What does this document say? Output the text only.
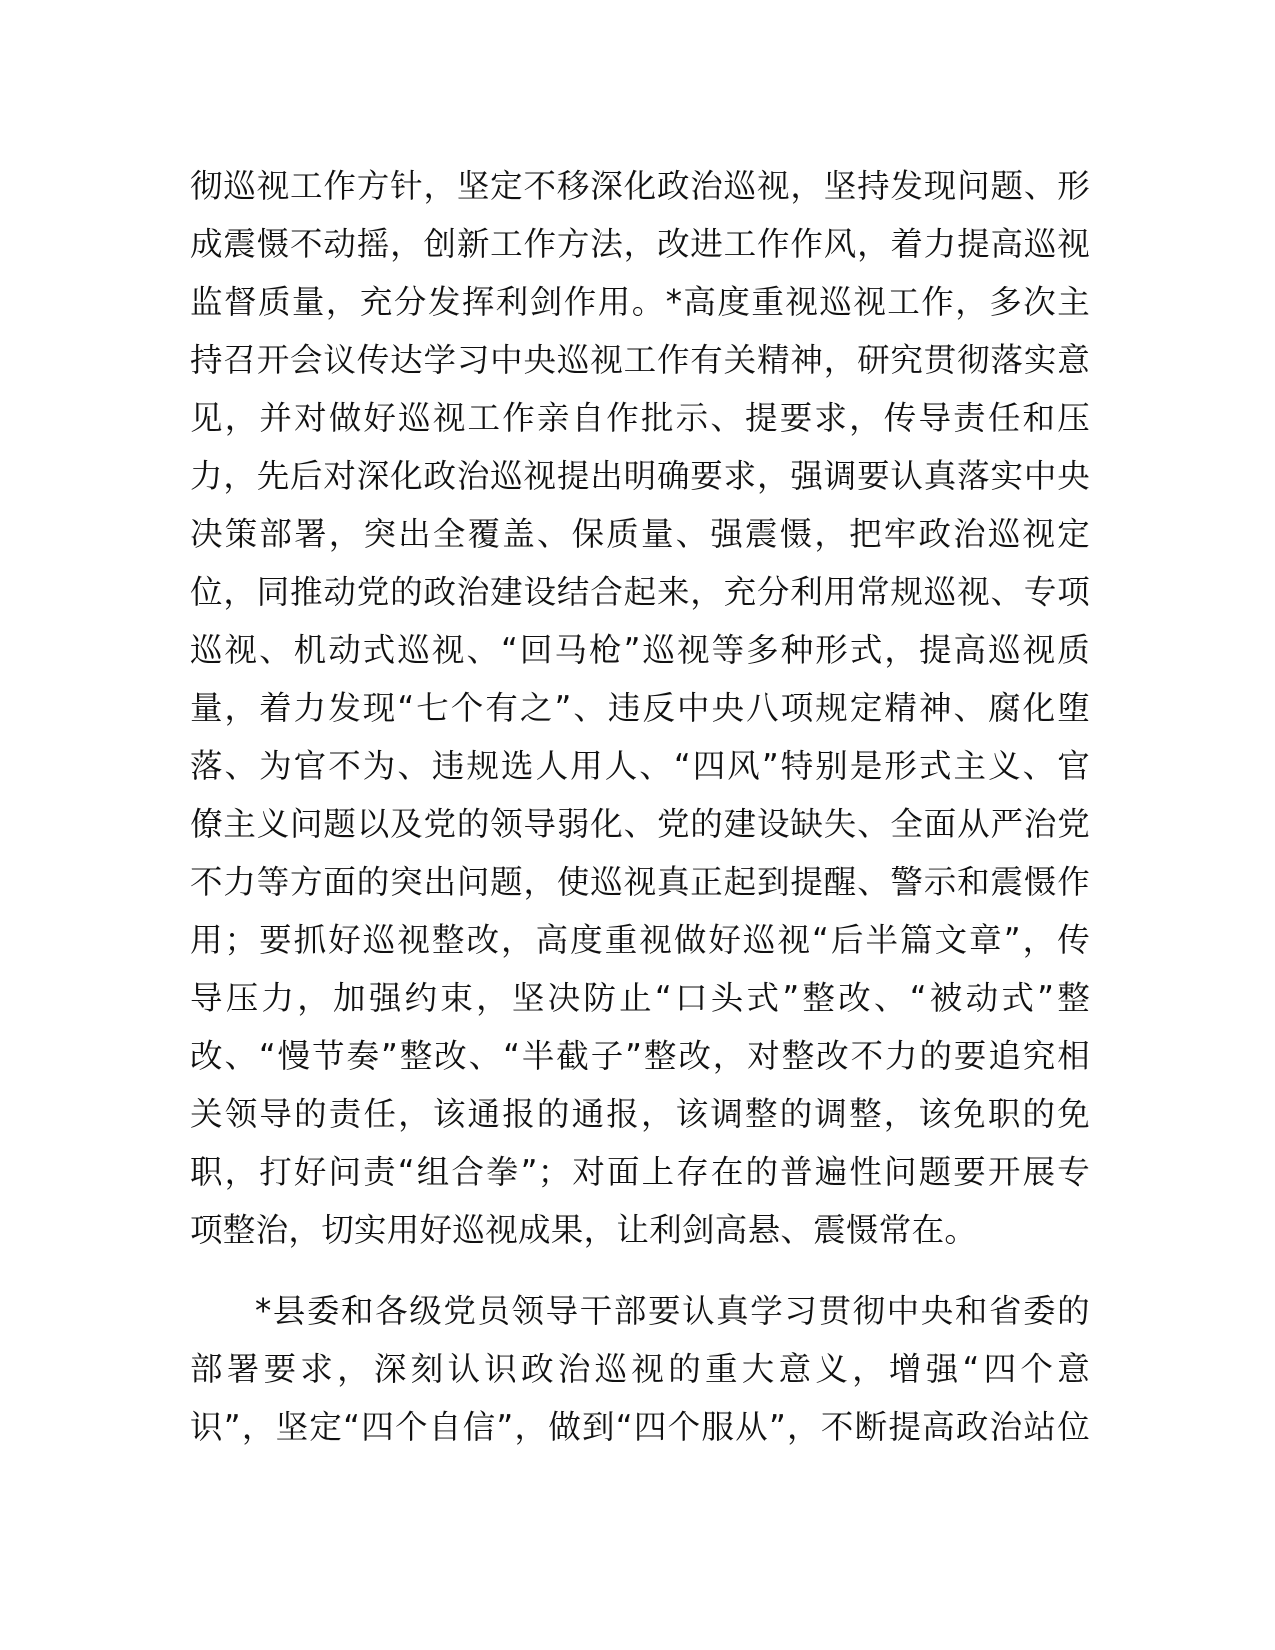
彻巡视工作方针，坚定不移深化政治巡视，坚持发现问题、形
成震慑不动摇，创新工作方法，改进工作作风，着力提高巡视
监督质量，充分发挥利剑作用。*高度重视巡视工作，多次主
持召开会议传达学习中央巡视工作有关精神，研究贯彻落实意
见，并对做好巡视工作亲自作批示、提要求，传导责任和压
力，先后对深化政治巡视提出明确要求，强调要认真落实中央
决策部署，突出全覆盖、保质量、强震慑，把牢政治巡视定
位，同推动党的政治建设结合起来，充分利用常规巡视、专项
巡视、机动式巡视、“回马枪”巡视等多种形式，提高巡视质
量，着力发现“七个有之”、违反中央八项规定精神、腐化堕
落、为官不为、违规选人用人、“四风”特别是形式主义、官
僚主义问题以及党的领导弱化、党的建设缺失、全面从严治党
不力等方面的突出问题，使巡视真正起到提醒、警示和震慑作
用；要抓好巡视整改，高度重视做好巡视“后半篇文章”，传
导压力，加强约束，坚决防止“口头式”整改、“被动式”整
改、“慢节奏”整改、“半截子”整改，对整改不力的要追究相
关领导的责任，该通报的通报，该调整的调整，该免职的免
职，打好问责“组合拳”；对面上存在的普遍性问题要开展专
项整治，切实用好巡视成果，让利剑高悬、震慑常在。
*县委和各级党员领导干部要认真学习贯彻中央和省委的
部署要求，深刻认识政治巡视的重大意义，增强“四个意
识”，坚定“四个自信”，做到“四个服从”，不断提高政治站位
